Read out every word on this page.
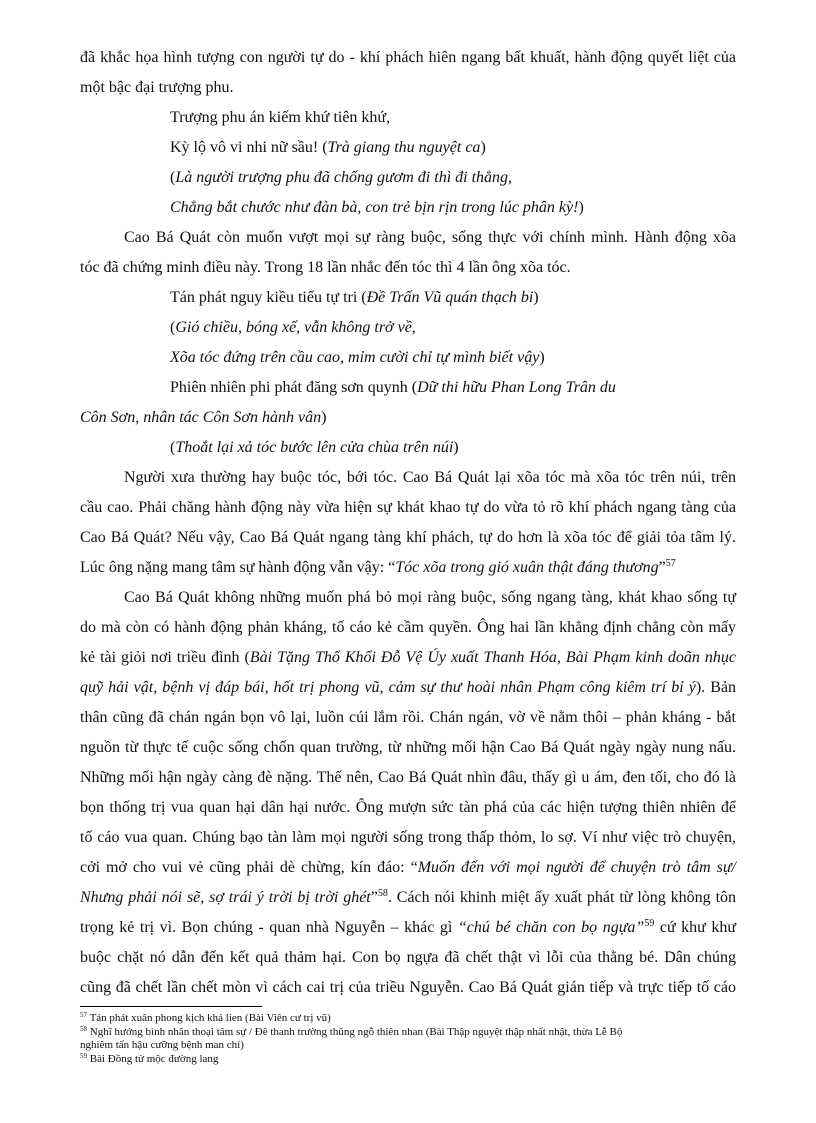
đã khắc họa hình tượng con người tự do - khí phách hiên ngang bất khuất, hành động quyết liệt của
một bậc đại trượng phu.
Trượng phu án kiếm khứ tiên khứ,
Kỳ lộ vô vi nhi nữ sầu! (Trà giang thu nguyệt ca)
(Là người trượng phu đã chống gươm đi thì đi thẳng,
Chẳng bắt chước như đàn bà, con trẻ bịn rịn trong lúc phân kỳ!)
Cao Bá Quát còn muốn vượt mọi sự ràng buộc, sống thực với chính mình. Hành động xõa
tóc đã chứng minh điều này. Trong 18 lần nhắc đến tóc thì 4 lần ông xõa tóc.
Tán phát nguy kiều tiếu tự tri (Đề Trấn Vũ quán thạch bi)
(Gió chiều, bóng xế, vẫn không trở về,
Xõa tóc đứng trên cầu cao, mỉm cười chỉ tự mình biết vậy)
Phiên nhiên phi phát đăng sơn quynh (Dữ thi hữu Phan Long Trân du
Côn Sơn, nhân tác Côn Sơn hành vân)
(Thoắt lại xả tóc bước lên cửa chùa trên núi)
Người xưa thường hay buộc tóc, bới tóc. Cao Bá Quát lại xõa tóc mà xõa tóc trên núi, trên
cầu cao. Phải chăng hành động này vừa hiện sự khát khao tự do vừa tỏ rõ khí phách ngang tàng của
Cao Bá Quát? Nếu vậy, Cao Bá Quát ngang tàng khí phách, tự do hơn là xõa tóc để giải tỏa tâm lý.
Lúc ông nặng mang tâm sự hành động vẫn vậy: “Tóc xõa trong gió xuân thật đáng thương”$^{57}$
Cao Bá Quát không những muốn phá bỏ mọi ràng buộc, sống ngang tàng, khát khao sống tự
do mà còn có hành động phản kháng, tố cáo kẻ cầm quyền. Ông hai lần khẳng định chẳng còn mấy
kẻ tài giỏi nơi triều đình (Bài Tặng Thổ Khối Đỗ Vệ Úy xuất Thanh Hóa, Bài Phạm kinh doãn nhục
quỹ hải vật, bệnh vị đáp bái, hốt trị phong vũ, cảm sự thư hoài nhân Phạm công kiêm trí bỉ ý). Bản
thân cũng đã chán ngán bọn vô lại, luồn cúi lắm rồi. Chán ngán, vờ về nằm thôi – phản kháng - bắt
nguồn từ thực tế cuộc sống chốn quan trường, từ những mối hận Cao Bá Quát ngày ngày nung nấu.
Những mối hận ngày càng đè nặng. Thế nên, Cao Bá Quát nhìn đâu, thấy gì u ám, đen tối, cho đó là
bọn thống trị vua quan hại dân hại nước. Ông mượn sức tàn phá của các hiện tượng thiên nhiên để
tố cáo vua quan. Chúng bạo tàn làm mọi người sống trong thấp thỏm, lo sợ. Ví như việc trò chuyện,
cởi mở cho vui vẻ cũng phải dè chừng, kín đáo: “Muốn đến với mọi người để chuyện trò tâm sự/
Nhưng phải nói sẽ, sợ trái ý trời bị trời ghét”$^{58}$. Cách nói khinh miệt ấy xuất phát từ lòng không tôn
trọng kẻ trị vì. Bọn chúng - quan nhà Nguyễn – khác gì “chú bé chăn con bọ ngựa”$^{59}$ cứ khư khư
buộc chặt nó dẫn đến kết quả thảm hại. Con bọ ngựa đã chết thật vì lỗi của thằng bé. Dân chúng
cũng đã chết lần chết mòn vì cách cai trị của triều Nguyễn. Cao Bá Quát gián tiếp và trực tiếp tố cáo
$^{57}$ Tán phát xuân phong kịch khả lien (Bài Viên cư trị vũ)
$^{58}$ Nghĩ hướng bình nhân thoại tâm sự / Đê thanh trường thũng ngỗ thiên nhan (Bài Thập nguyệt thập nhất nhật, thừa Lễ Bộ
nghiêm tấn hậu cưỡng bệnh man chí)
$^{59}$ Bài Đồng tử mộc đường lang
